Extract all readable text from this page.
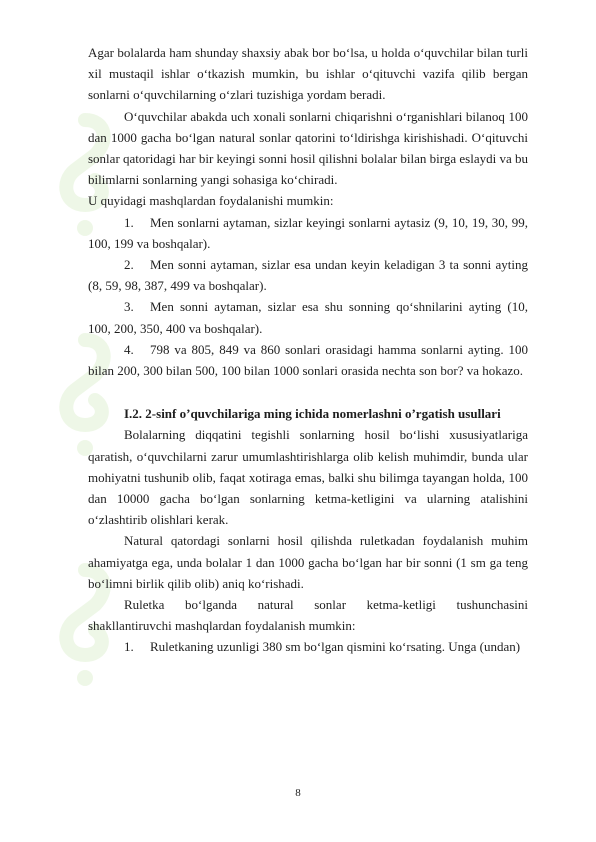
Agar bolalarda ham shunday shaxsiy abak bor bo‘lsa, u holda o‘quvchilar bilan turli xil mustaqil ishlar o‘tkazish mumkin, bu ishlar o‘qituvchi vazifa qilib bergan sonlarni o‘quvchilarning o‘zlari tuzishiga yordam beradi.

O‘quvchilar abakda uch xonali sonlarni chiqarishni o‘rganishlari bilanoq 100 dan 1000 gacha bo‘lgan natural sonlar qatorini to‘ldirishga kirishishadi. O‘qituvchi sonlar qatoridagi har bir keyingi sonni hosil qilishni bolalar bilan birga eslaydi va bu bilimlarni sonlarning yangi sohasiga ko‘chiradi.

U quyidagi mashqlardan foydalanishi mumkin:

1. Men sonlarni aytaman, sizlar keyingi sonlarni aytasiz (9, 10, 19, 30, 99, 100, 199 va boshqalar).

2. Men sonni aytaman, sizlar esa undan keyin keladigan 3 ta sonni ayting (8, 59, 98, 387, 499 va boshqalar).

3. Men sonni aytaman, sizlar esa shu sonning qo‘shnilarini ayting (10, 100, 200, 350, 400 va boshqalar).

4. 798 va 805, 849 va 860 sonlari orasidagi hamma sonlarni ayting. 100 bilan 200, 300 bilan 500, 100 bilan 1000 sonlari orasida nechta son bor? va hokazo.

I.2. 2-sinf o’quvchilariga ming ichida nomerlashni o’rgatish usullari

Bolalarning diqqatini tegishli sonlarning hosil bo‘lishi xususiyatlariga qaratish, o‘quvchilarni zarur umumlashtirishlarga olib kelish muhimdir, bunda ular mohiyatni tushunib olib, faqat xotiraga emas, balki shu bilimga tayangan holda, 100 dan 10000 gacha bo‘lgan sonlarning ketma-ketligini va ularning atalishini o‘zlashtirib olishlari kerak.

Natural qatordagi sonlarni hosil qilishda ruletkadan foydalanish muhim ahamiyatga ega, unda bolalar 1 dan 1000 gacha bo‘lgan har bir sonni (1 sm ga teng bo‘limni birlik qilib olib) aniq ko‘rishadi.

Ruletka bo‘lganda natural sonlar ketma-ketligi tushunchasini shakllantiruvchi mashqlardan foydalanish mumkin:

1. Ruletkaning uzunligi 380 sm bo‘lgan qismini ko‘rsating. Unga (undan)

8
